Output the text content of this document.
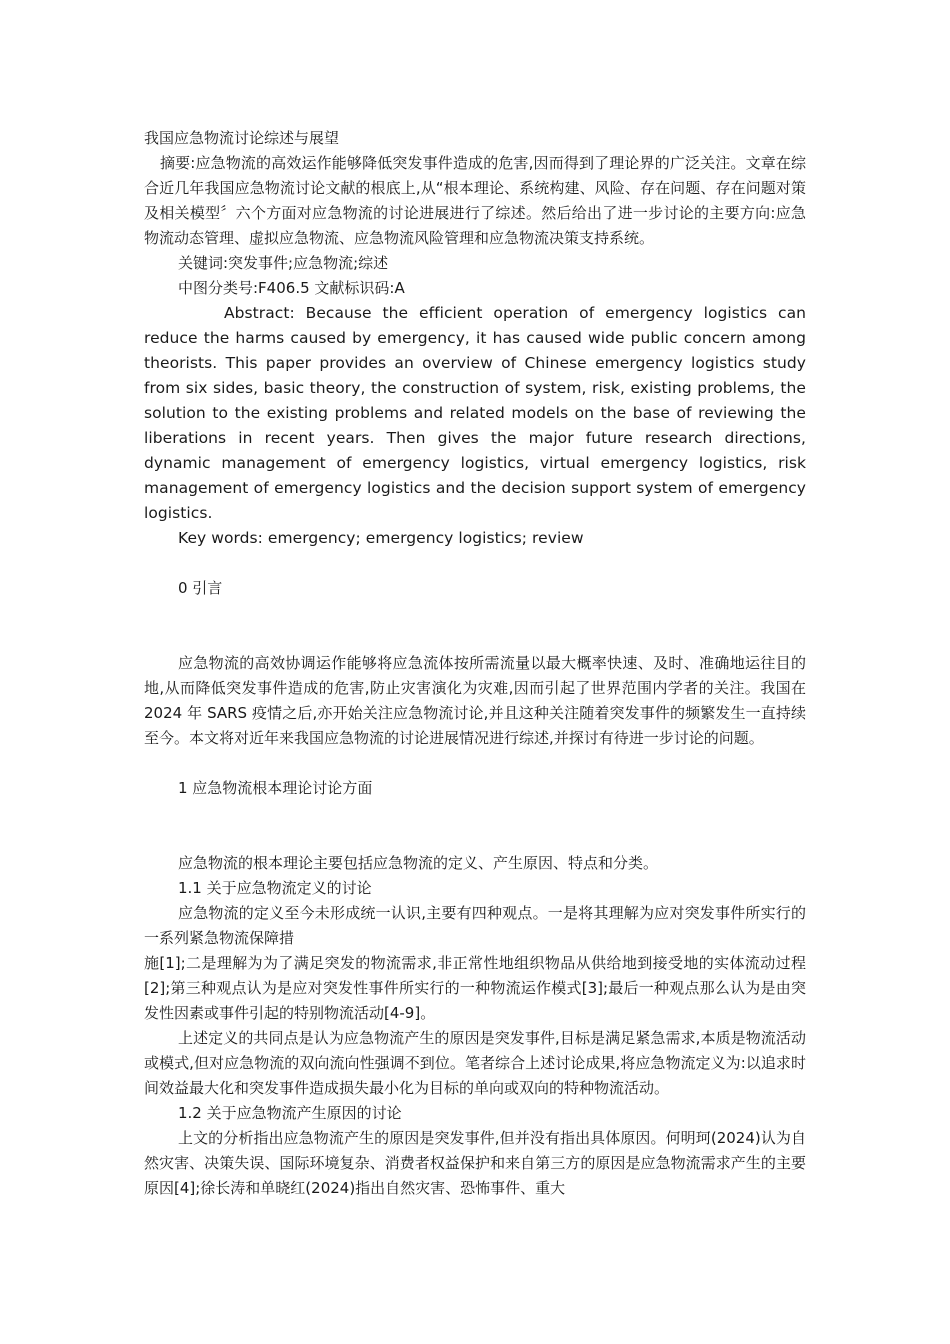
我国应急物流讨论综述与展望

摘要:应急物流的高效运作能够降低突发事件造成的危害,因而得到了理论界的广泛关注。文章在综合近几年我国应急物流讨论文献的根底上,从“根本理论、系统构建、风险、存在问题、存在问题对策及相关模型〞六个方面对应急物流的讨论进展进行了综述。然后给出了进一步讨论的主要方向:应急物流动态管理、虚拟应急物流、应急物流风险管理和应急物流决策支持系统。

关键词:突发事件;应急物流;综述

中图分类号:F406.5 文献标识码:A

Abstract: Because the efficient operation of emergency logistics can reduce the harms caused by emergency, it has caused wide public concern among theorists. This paper provides an overview of Chinese emergency logistics study from six sides, basic theory, the construction of system, risk, existing problems, the solution to the existing problems and related models on the base of reviewing the liberations in recent years. Then gives the major future research directions, dynamic management of emergency logistics, virtual emergency logistics, risk management of emergency logistics and the decision support system of emergency logistics.

Key words: emergency; emergency logistics; review

0 引言

应急物流的高效协调运作能够将应急流体按所需流量以最大概率快速、及时、准确地运往目的地,从而降低突发事件造成的危害,防止灾害演化为灾难,因而引起了世界范围内学者的关注。我国在 2024 年 SARS 疫情之后,亦开始关注应急物流讨论,并且这种关注随着突发事件的频繁发生一直持续至今。本文将对近年来我国应急物流的讨论进展情况进行综述,并探讨有待进一步讨论的问题。

1 应急物流根本理论讨论方面

应急物流的根本理论主要包括应急物流的定义、产生原因、特点和分类。

1.1 关于应急物流定义的讨论

应急物流的定义至今未形成统一认识,主要有四种观点。一是将其理解为应对突发事件所实行的一系列紧急物流保障措

施[1];二是理解为为了满足突发的物流需求,非正常性地组织物品从供给地到接受地的实体流动过程[2];第三种观点认为是应对突发性事件所实行的一种物流运作模式[3];最后一种观点那么认为是由突发性因素或事件引起的特别物流活动[4-9]。

上述定义的共同点是认为应急物流产生的原因是突发事件,目标是满足紧急需求,本质是物流活动或模式,但对应急物流的双向流向性强调不到位。笔者综合上述讨论成果,将应急物流定义为:以追求时间效益最大化和突发事件造成损失最小化为目标的单向或双向的特种物流活动。

1.2 关于应急物流产生原因的讨论

上文的分析指出应急物流产生的原因是突发事件,但并没有指出具体原因。何明珂(2024)认为自然灾害、决策失误、国际环境复杂、消费者权益保护和来自第三方的原因是应急物流需求产生的主要原因[4];徐长涛和单晓红(2024)指出自然灾害、恐怖事件、重大
